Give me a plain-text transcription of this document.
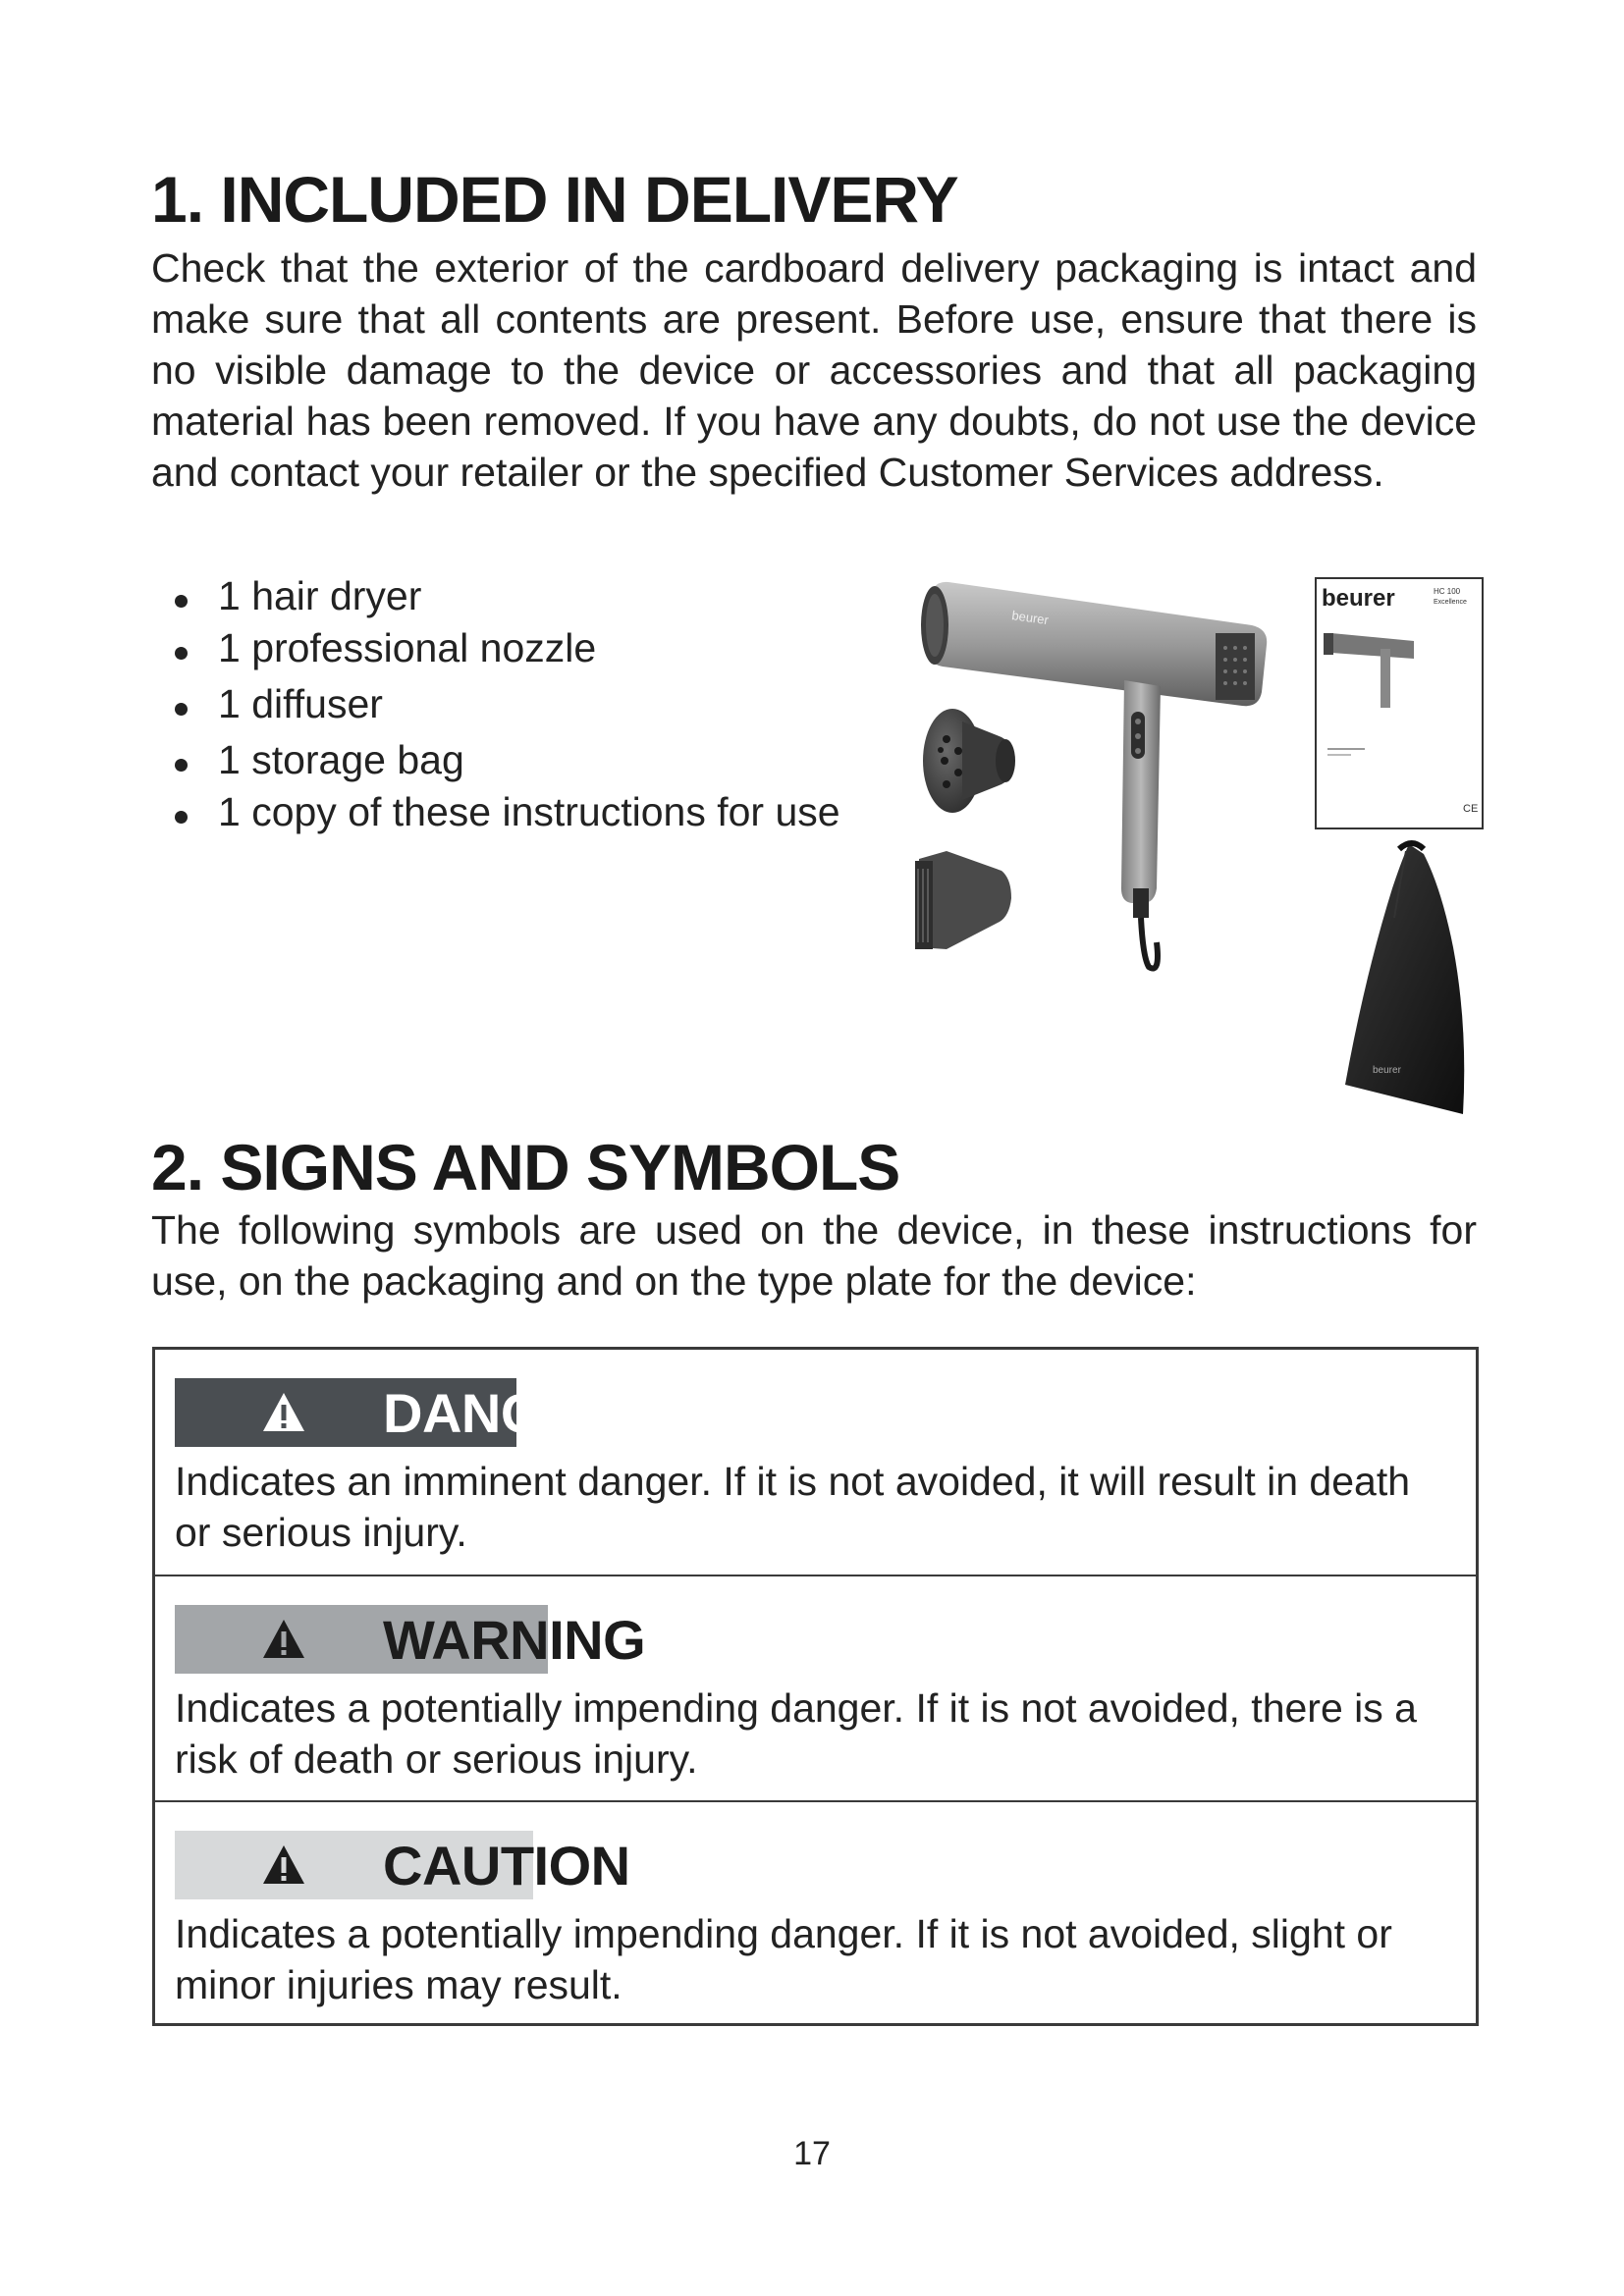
1. INCLUDED IN DELIVERY

Check that the exterior of the cardboard delivery packaging is intact and make sure that all contents are present. Before use, ensure that there is no visible damage to the device or accessories and that all packaging material has been removed. If you have any doubts, do not use the device and contact your retailer or the specified Customer Services address.

1 hair dryer
1 professional nozzle
1 diffuser
1 storage bag
1 copy of these instructions for use
beurer
beurer	HC 100
Excellence
CE
beurer
2. SIGNS AND SYMBOLS

The following symbols are used on the device, in these instructions for use, on the packaging and on the type plate for the device:

DANGER

Indicates an imminent danger. If it is not avoided, it will result in death or serious injury.

WARNING

Indicates a potentially impending danger. If it is not avoided, there is a risk of death or serious injury.

CAUTION

Indicates a potentially impending danger. If it is not avoided, slight or minor injuries may result.

17
